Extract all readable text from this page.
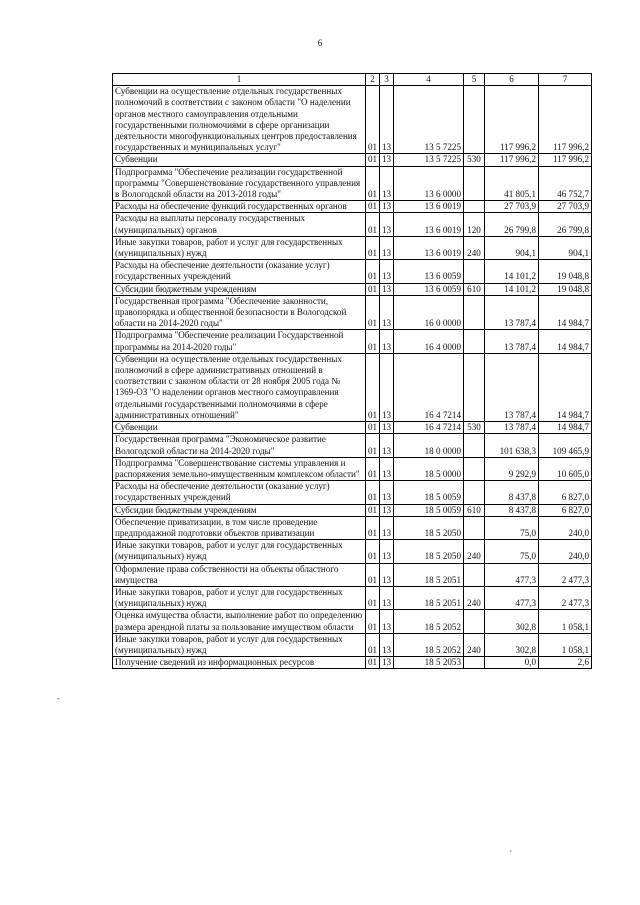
6
-
´
1	2	3	4	5	6	7
Субвенции на осуществление отдельных государственных полномочий в соответствии с законом области "О наделении органов местного самоуправления отдельными государственными полномочиями в сфере организации деятельности многофункциональных центров предоставления государственных и муниципальных услуг"	01	13	13 5 7225		117 996,2	117 996,2
Субвенции	01	13	13 5 7225	530	117 996,2	117 996,2
Подпрограмма "Обеспечение реализации государственной программы "Совершенствование государственного управления в Вологодской области на 2013-2018 годы"	01	13	13 6 0000		41 805,1	46 752,7
Расходы на обеспечение функций государственных органов	01	13	13 6 0019		27 703,9	27 703,9
Расходы на выплаты персоналу государственных (муниципальных) органов	01	13	13 6 0019	120	26 799,8	26 799,8
Иные закупки товаров, работ и услуг для государственных (муниципальных) нужд	01	13	13 6 0019	240	904,1	904,1
Расходы на обеспечение деятельности (оказание услуг) государственных учреждений	01	13	13 6 0059		14 101,2	19 048,8
Субсидии бюджетным учреждениям	01	13	13 6 0059	610	14 101,2	19 048,8
Государственная программа "Обеспечение законности, правопорядка и общественной безопасности в Вологодской области на 2014-2020 годы"	01	13	16 0 0000		13 787,4	14 984,7
Подпрограмма "Обеспечение реализации Государственной программы на 2014-2020 годы"	01	13	16 4 0000		13 787,4	14 984,7
Субвенции на осуществление отдельных государственных полномочий в сфере административных отношений в соответствии с законом области от 28 ноября 2005 года № 1369-ОЗ "О наделении органов местного самоуправления отдельными государственными полномочиями в сфере административных отношений"	01	13	16 4 7214		13 787,4	14 984,7
Субвенции	01	13	16 4 7214	530	13 787,4	14 984,7
Государственная программа "Экономическое развитие Вологодской области на 2014-2020 годы"	01	13	18 0 0000		101 638,3	109 465,9
Подпрограмма "Совершенствование системы управления и распоряжения земельно-имущественным комплексом области"	01	13	18 5 0000		9 292,9	10 605,0
Расходы на обеспечение деятельности (оказание услуг) государственных учреждений	01	13	18 5 0059		8 437,8	6 827,0
Субсидии бюджетным учреждениям	01	13	18 5 0059	610	8 437,8	6 827,0
Обеспечение приватизации, в том числе проведение предпродажной подготовки объектов приватизации	01	13	18 5 2050		75,0	240,0
Иные закупки товаров, работ и услуг для государственных (муниципальных) нужд	01	13	18 5 2050	240	75,0	240,0
Оформление права собственности на объекты областного имущества	01	13	18 5 2051		477,3	2 477,3
Иные закупки товаров, работ и услуг для государственных (муниципальных) нужд	01	13	18 5 2051	240	477,3	2 477,3
Оценка имущества области, выполнение работ по определению размера арендной платы за пользование имуществом области	01	13	18 5 2052		302,8	1 058,1
Иные закупки товаров, работ и услуг для государственных (муниципальных) нужд	01	13	18 5 2052	240	302,8	1 058,1
Получение сведений из информационных ресурсов	01	13	18 5 2053		0,0	2,6
